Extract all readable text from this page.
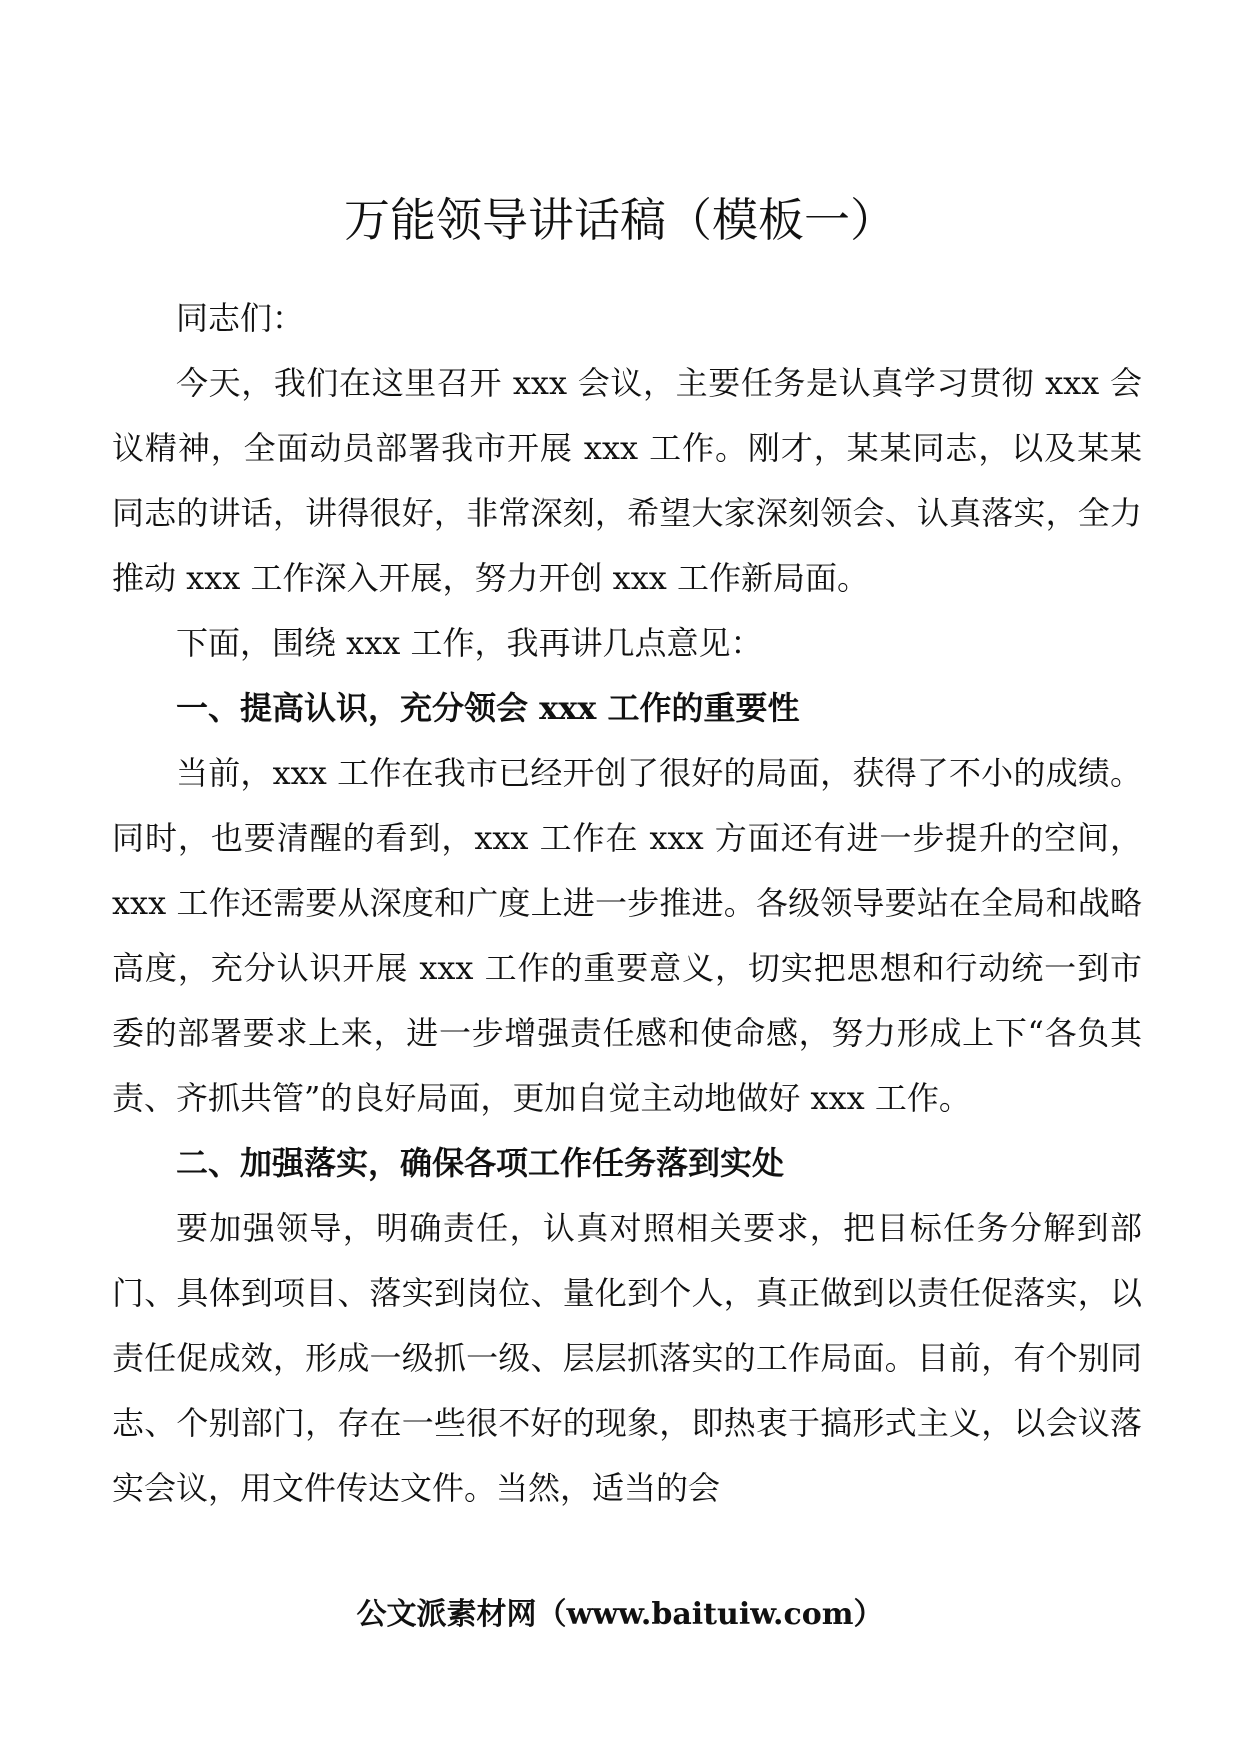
万能领导讲话稿（模板一）

同志们：

今天，我们在这里召开 xxx 会议，主要任务是认真学习贯彻 xxx 会议精神，全面动员部署我市开展 xxx 工作。刚才，某某同志，以及某某同志的讲话，讲得很好，非常深刻，希望大家深刻领会、认真落实，全力推动 xxx 工作深入开展，努力开创 xxx 工作新局面。

下面，围绕 xxx 工作，我再讲几点意见：

一、提高认识，充分领会 xxx 工作的重要性

当前，xxx 工作在我市已经开创了很好的局面，获得了不小的成绩。同时，也要清醒的看到，xxx 工作在 xxx 方面还有进一步提升的空间，xxx 工作还需要从深度和广度上进一步推进。各级领导要站在全局和战略高度，充分认识开展 xxx 工作的重要意义，切实把思想和行动统一到市委的部署要求上来，进一步增强责任感和使命感，努力形成上下“各负其责、齐抓共管”的良好局面，更加自觉主动地做好 xxx 工作。

二、加强落实，确保各项工作任务落到实处

要加强领导，明确责任，认真对照相关要求，把目标任务分解到部门、具体到项目、落实到岗位、量化到个人，真正做到以责任促落实，以责任促成效，形成一级抓一级、层层抓落实的工作局面。目前，有个别同志、个别部门，存在一些很不好的现象，即热衷于搞形式主义，以会议落实会议，用文件传达文件。当然，适当的会

公文派素材网（www.baituiw.com）
